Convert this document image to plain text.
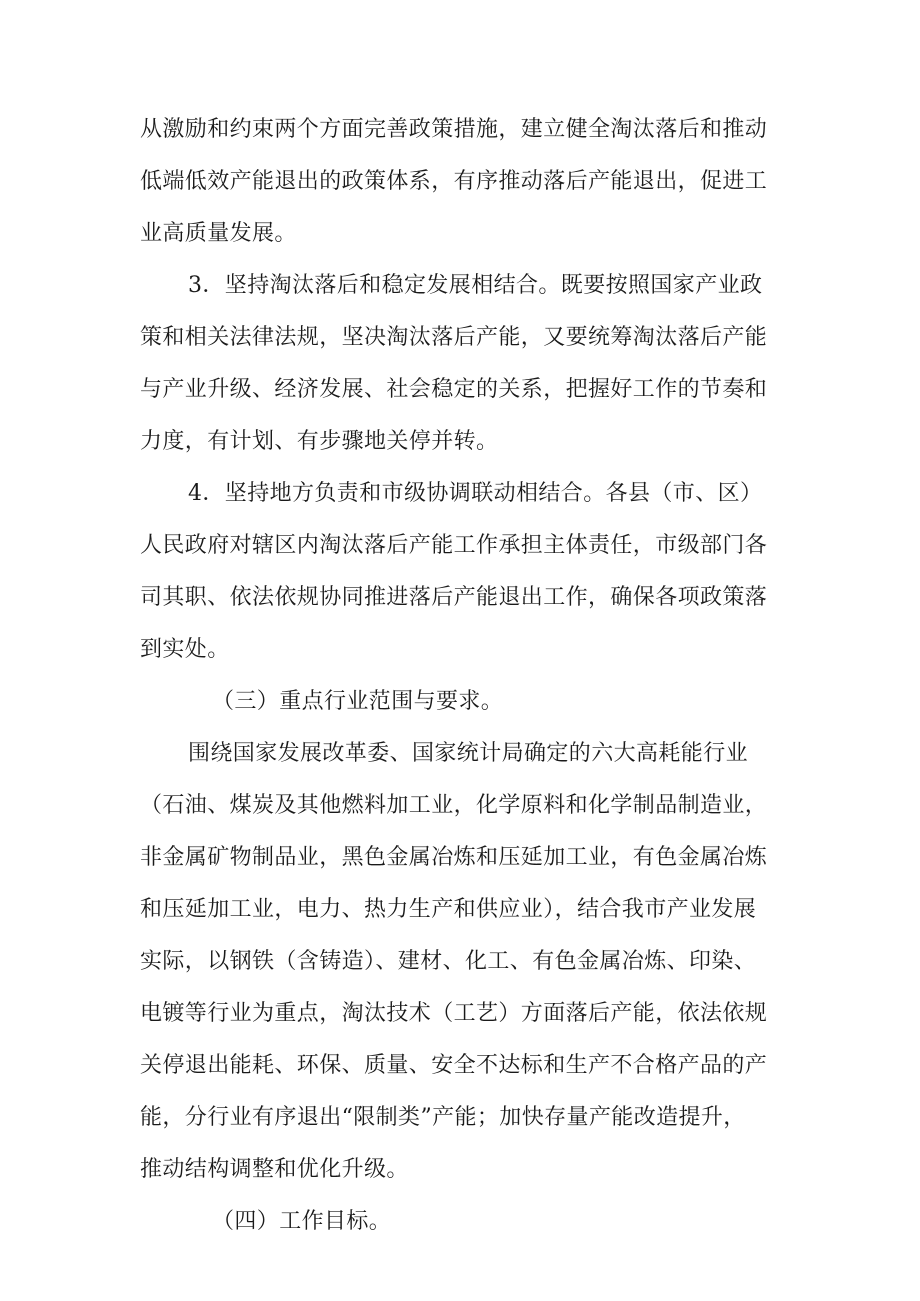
从激励和约束两个方面完善政策措施，建立健全淘汰落后和推动
低端低效产能退出的政策体系，有序推动落后产能退出，促进工
业高质量发展。
3．坚持淘汰落后和稳定发展相结合。既要按照国家产业政
策和相关法律法规，坚决淘汰落后产能，又要统筹淘汰落后产能
与产业升级、经济发展、社会稳定的关系，把握好工作的节奏和
力度，有计划、有步骤地关停并转。
4．坚持地方负责和市级协调联动相结合。各县（市、区）
人民政府对辖区内淘汰落后产能工作承担主体责任，市级部门各
司其职、依法依规协同推进落后产能退出工作，确保各项政策落
到实处。
（三）重点行业范围与要求。
围绕国家发展改革委、国家统计局确定的六大高耗能行业
（石油、煤炭及其他燃料加工业，化学原料和化学制品制造业，
非金属矿物制品业，黑色金属冶炼和压延加工业，有色金属冶炼
和压延加工业，电力、热力生产和供应业），结合我市产业发展
实际，以钢铁（含铸造）、建材、化工、有色金属冶炼、印染、
电镀等行业为重点，淘汰技术（工艺）方面落后产能，依法依规
关停退出能耗、环保、质量、安全不达标和生产不合格产品的产
能，分行业有序退出“限制类”产能；加快存量产能改造提升，
推动结构调整和优化升级。
（四）工作目标。
